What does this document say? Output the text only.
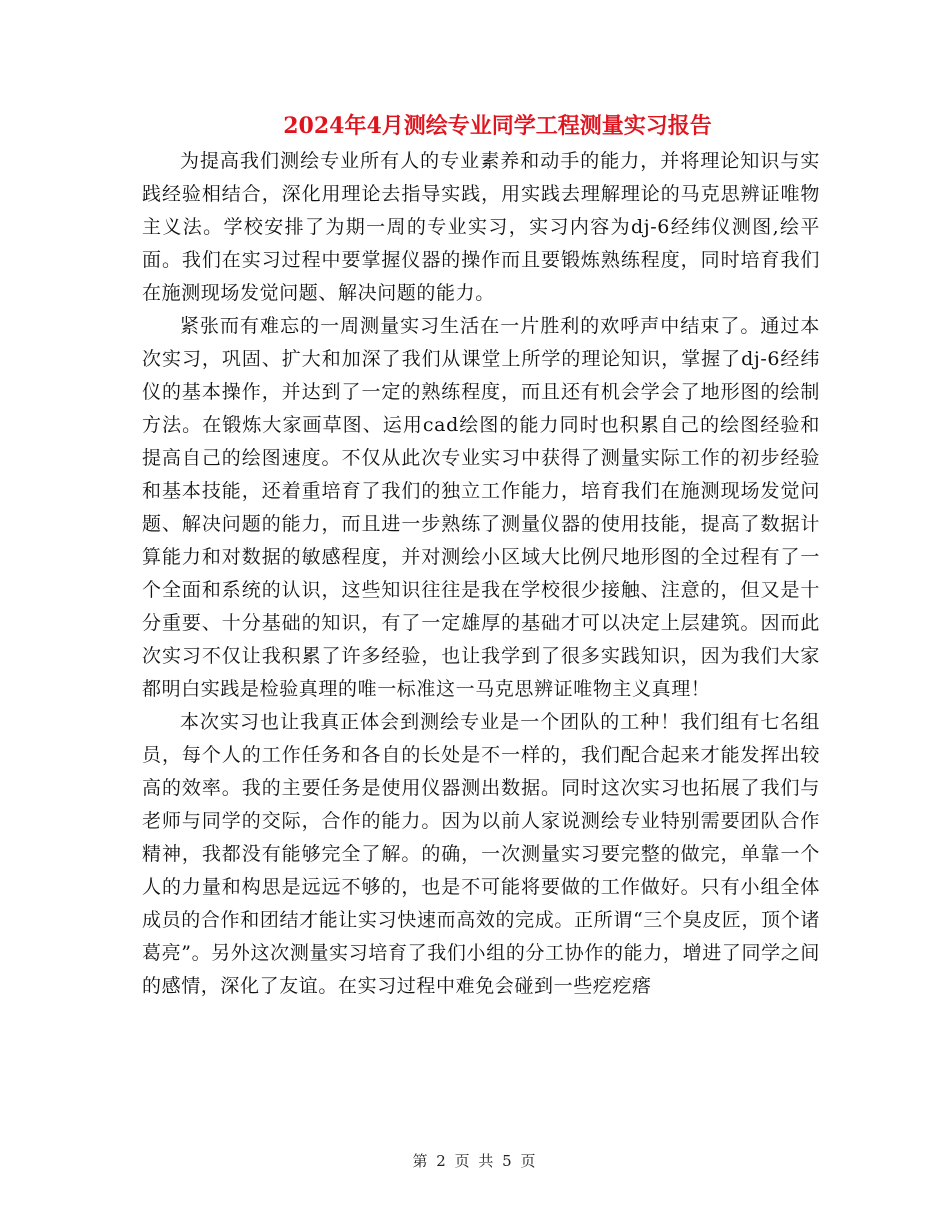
2024年4月测绘专业同学工程测量实习报告

为提高我们测绘专业所有人的专业素养和动手的能力，并将理论知识与实践经验相结合，深化用理论去指导实践，用实践去理解理论的马克思辨证唯物主义法。学校安排了为期一周的专业实习，实习内容为dj-6经纬仪测图,绘平面。我们在实习过程中要掌握仪器的操作而且要锻炼熟练程度，同时培育我们在施测现场发觉问题、解决问题的能力。

紧张而有难忘的一周测量实习生活在一片胜利的欢呼声中结束了。通过本次实习，巩固、扩大和加深了我们从课堂上所学的理论知识，掌握了dj-6经纬仪的基本操作，并达到了一定的熟练程度，而且还有机会学会了地形图的绘制方法。在锻炼大家画草图、运用cad绘图的能力同时也积累自己的绘图经验和提高自己的绘图速度。不仅从此次专业实习中获得了测量实际工作的初步经验和基本技能，还着重培育了我们的独立工作能力，培育我们在施测现场发觉问题、解决问题的能力，而且进一步熟练了测量仪器的使用技能，提高了数据计算能力和对数据的敏感程度，并对测绘小区域大比例尺地形图的全过程有了一个全面和系统的认识，这些知识往往是我在学校很少接触、注意的，但又是十分重要、十分基础的知识，有了一定雄厚的基础才可以决定上层建筑。因而此次实习不仅让我积累了许多经验，也让我学到了很多实践知识，因为我们大家都明白实践是检验真理的唯一标准这一马克思辨证唯物主义真理！

本次实习也让我真正体会到测绘专业是一个团队的工种！我们组有七名组员，每个人的工作任务和各自的长处是不一样的，我们配合起来才能发挥出较高的效率。我的主要任务是使用仪器测出数据。同时这次实习也拓展了我们与老师与同学的交际，合作的能力。因为以前人家说测绘专业特别需要团队合作精神，我都没有能够完全了解。的确，一次测量实习要完整的做完，单靠一个人的力量和构思是远远不够的，也是不可能将要做的工作做好。只有小组全体成员的合作和团结才能让实习快速而高效的完成。正所谓“三个臭皮匠，顶个诸葛亮”。另外这次测量实习培育了我们小组的分工协作的能力，增进了同学之间的感情，深化了友谊。在实习过程中难免会碰到一些疙疙瘩

第 2 页 共 5 页
